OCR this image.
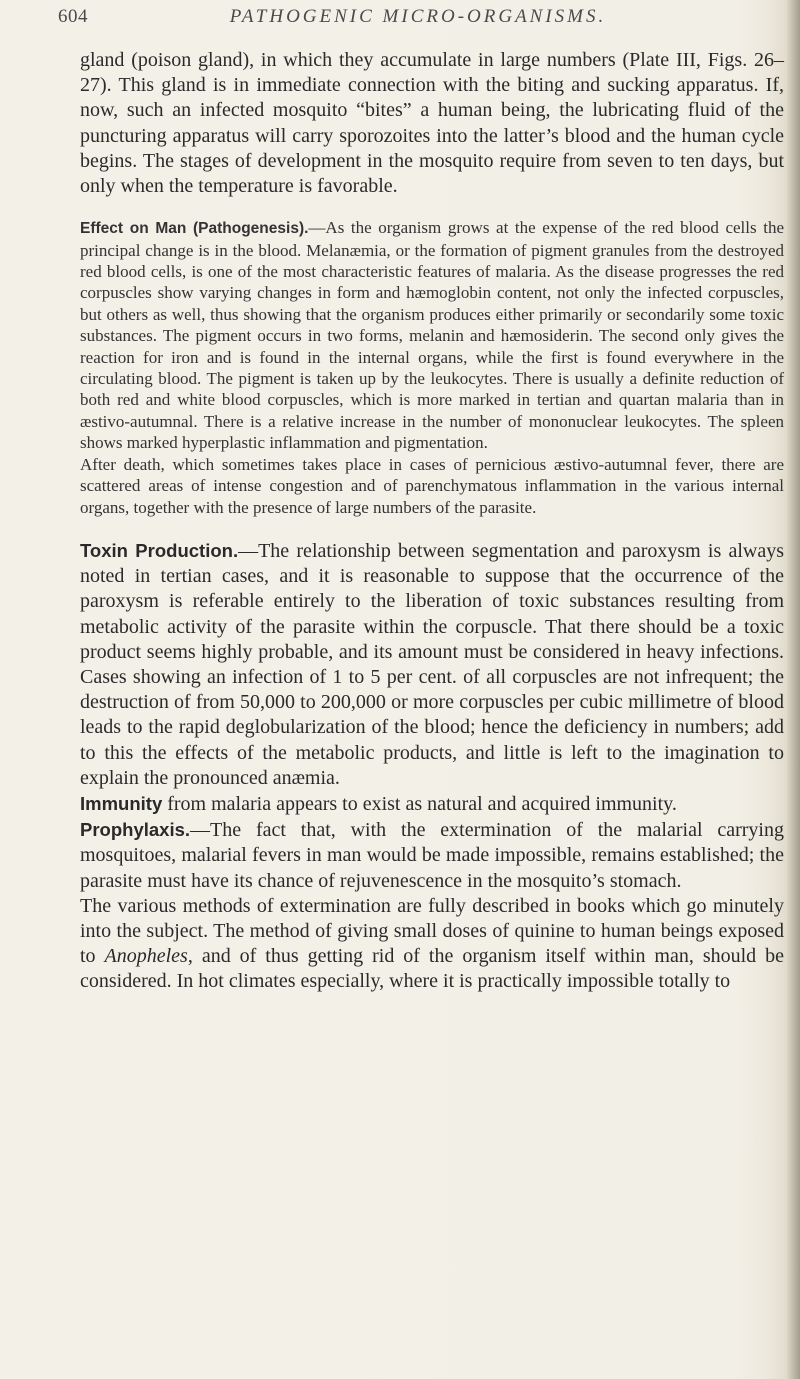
604	PATHOGENIC MICRO-ORGANISMS.

gland (poison gland), in which they accumulate in large numbers (Plate III, Figs. 26–27). This gland is in immediate connection with the biting and sucking apparatus. If, now, such an infected mosquito “bites” a human being, the lubricating fluid of the puncturing apparatus will carry sporozoites into the latter’s blood and the human cycle begins. The stages of development in the mosquito require from seven to ten days, but only when the temperature is favorable.

Effect on Man (Pathogenesis).—As the organism grows at the expense of the red blood cells the principal change is in the blood. Melanæmia, or the formation of pigment granules from the destroyed red blood cells, is one of the most characteristic features of malaria. As the disease progresses the red corpuscles show varying changes in form and hæmoglobin content, not only the infected corpuscles, but others as well, thus showing that the organism produces either primarily or secondarily some toxic substances. The pigment occurs in two forms, melanin and hæmosiderin. The second only gives the reaction for iron and is found in the internal organs, while the first is found everywhere in the circulating blood. The pigment is taken up by the leukocytes. There is usually a definite reduction of both red and white blood corpuscles, which is more marked in tertian and quartan malaria than in æstivo-autumnal. There is a relative increase in the number of mononuclear leukocytes. The spleen shows marked hyperplastic inflammation and pigmentation.

After death, which sometimes takes place in cases of pernicious æstivo-autumnal fever, there are scattered areas of intense congestion and of parenchymatous inflammation in the various internal organs, together with the presence of large numbers of the parasite.

Toxin Production.—The relationship between segmentation and paroxysm is always noted in tertian cases, and it is reasonable to suppose that the occurrence of the paroxysm is referable entirely to the liberation of toxic substances resulting from metabolic activity of the parasite within the corpuscle. That there should be a toxic product seems highly probable, and its amount must be considered in heavy infections. Cases showing an infection of 1 to 5 per cent. of all corpuscles are not infrequent; the destruction of from 50,000 to 200,000 or more corpuscles per cubic millimetre of blood leads to the rapid deglobularization of the blood; hence the deficiency in numbers; add to this the effects of the metabolic products, and little is left to the imagination to explain the pronounced anæmia.

Immunity from malaria appears to exist as natural and acquired immunity.

Prophylaxis.—The fact that, with the extermination of the malarial carrying mosquitoes, malarial fevers in man would be made impossible, remains established; the parasite must have its chance of rejuvenescence in the mosquito’s stomach.

The various methods of extermination are fully described in books which go minutely into the subject. The method of giving small doses of quinine to human beings exposed to Anopheles, and of thus getting rid of the organism itself within man, should be considered. In hot climates especially, where it is practically impossible totally to
